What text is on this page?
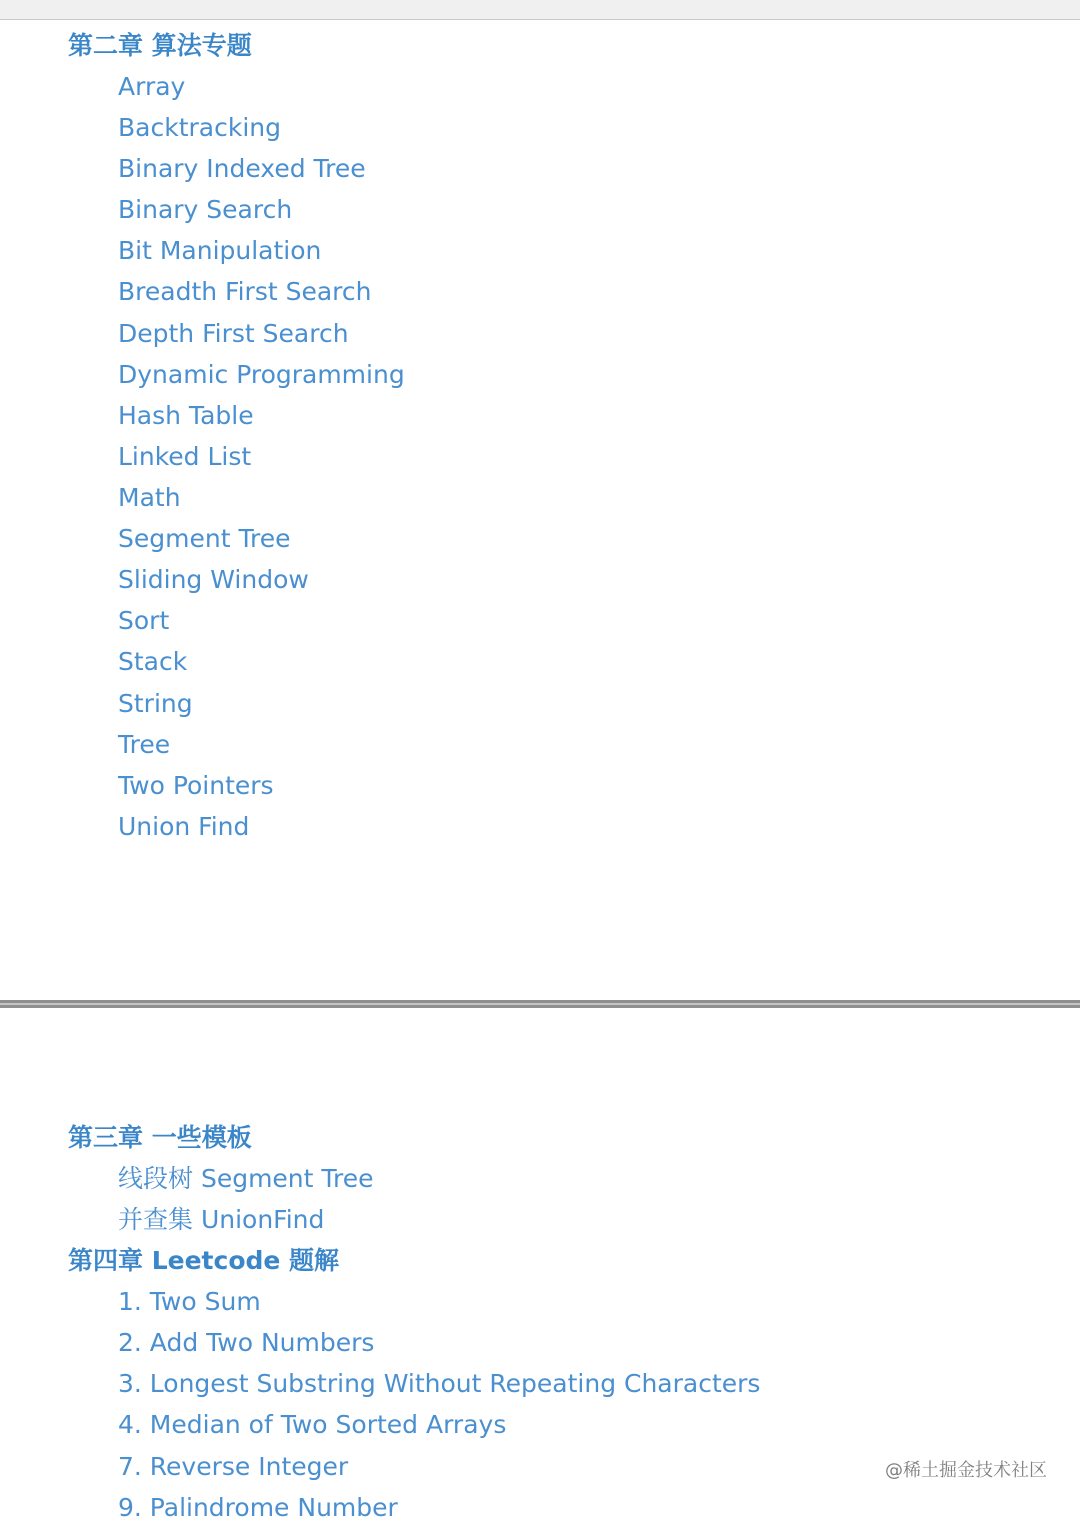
第二章 算法专题
Array
Backtracking
Binary Indexed Tree
Binary Search
Bit Manipulation
Breadth First Search
Depth First Search
Dynamic Programming
Hash Table
Linked List
Math
Segment Tree
Sliding Window
Sort
Stack
String
Tree
Two Pointers
Union Find
第三章 一些模板
线段树 Segment Tree
并查集 UnionFind
第四章 Leetcode 题解
1. Two Sum
2. Add Two Numbers
3. Longest Substring Without Repeating Characters
4. Median of Two Sorted Arrays
7. Reverse Integer
9. Palindrome Number
@稀土掘金技术社区
